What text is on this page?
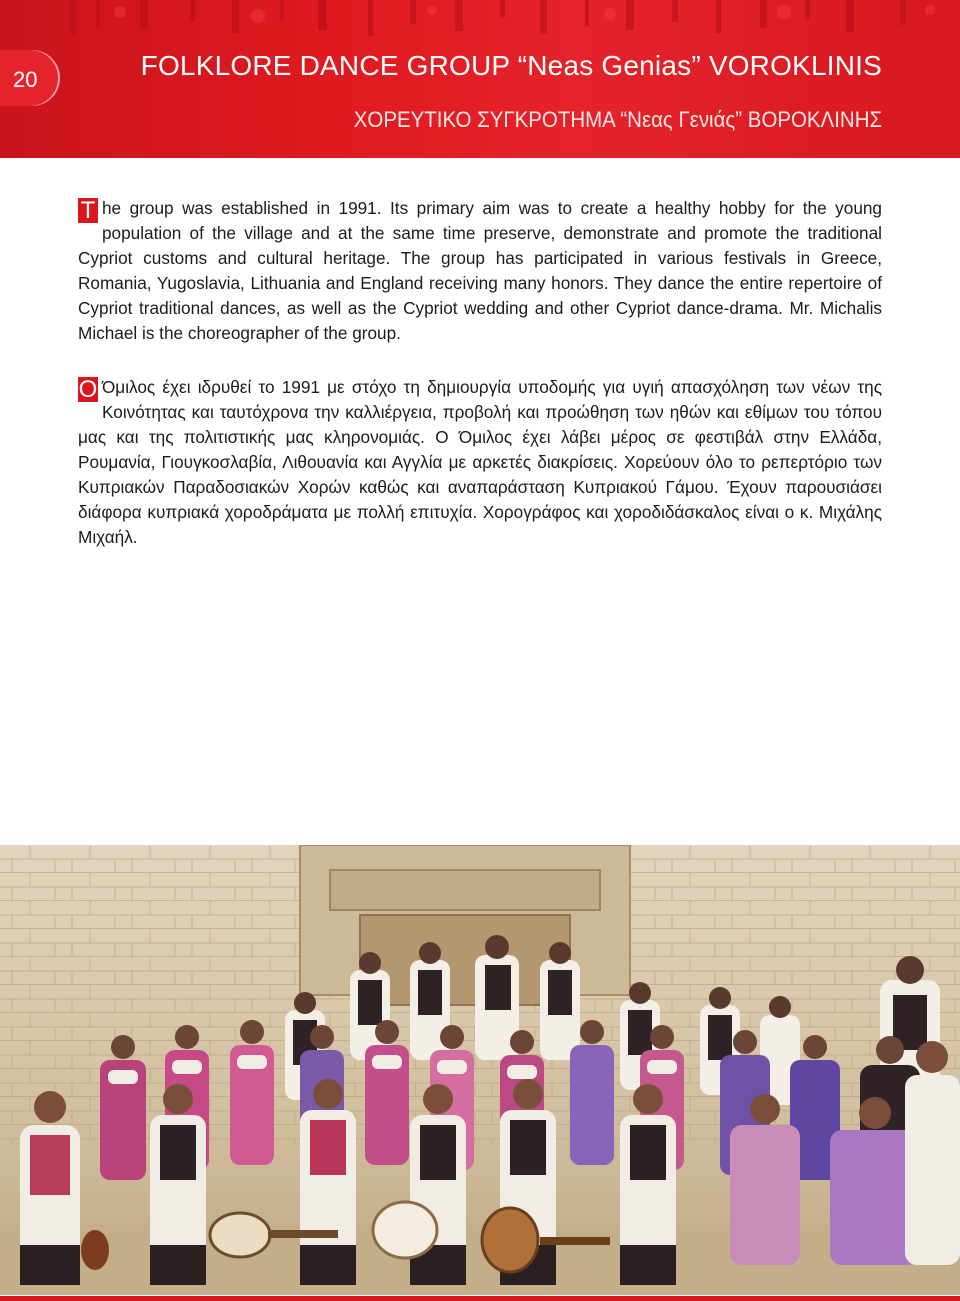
20	FOLKLORE DANCE GROUP “Neas Genias” VOROKLINIS
ΧΟΡΕΥΤΙΚΟ ΣΥΓΚΡΟΤΗΜΑ “Νεας Γενιάς” ΒΟΡΟΚΛΙΝΗΣ
T he group was established in 1991. Its primary aim was to create a healthy hobby for the young population of the village and at the same time preserve, demonstrate and promote the traditional Cypriot customs and cultural heritage. The group has participated in various festivals in Greece, Romania, Yugoslavia, Lithuania and England receiving many honors. They dance the entire repertoire of Cypriot traditional dances, as well as the Cypriot wedding and other Cypriot dance-drama. Mr. Michalis Michael is the choreographer of the group.
O Όμιλος έχει ιδρυθεί το 1991 με στόχο τη δημιουργία υποδομής για υγιή απασχόληση των νέων της Κοινότητας και ταυτόχρονα την καλλιέργεια, προβολή και προώθηση των ηθών και εθίμων του τόπου μας και της πολιτιστικής μας κληρονομιάς. Ο Όμιλος έχει λάβει μέρος σε φεστιβάλ στην Ελλάδα, Ρουμανία, Γιουγκοσλαβία, Λιθουανία και Αγγλία με αρκετές διακρίσεις. Χορεύουν όλο το ρεπερτόριο των Κυπριακών Παραδοσιακών Χορών καθώς και αναπαράσταση Κυπριακού Γάμου. Έχουν παρουσιάσει διάφορα κυπριακά χοροδράματα με πολλή επιτυχία. Χορογράφος και χοροδιδάσκαλος είναι ο κ. Μιχάλης Μιχαήλ.
